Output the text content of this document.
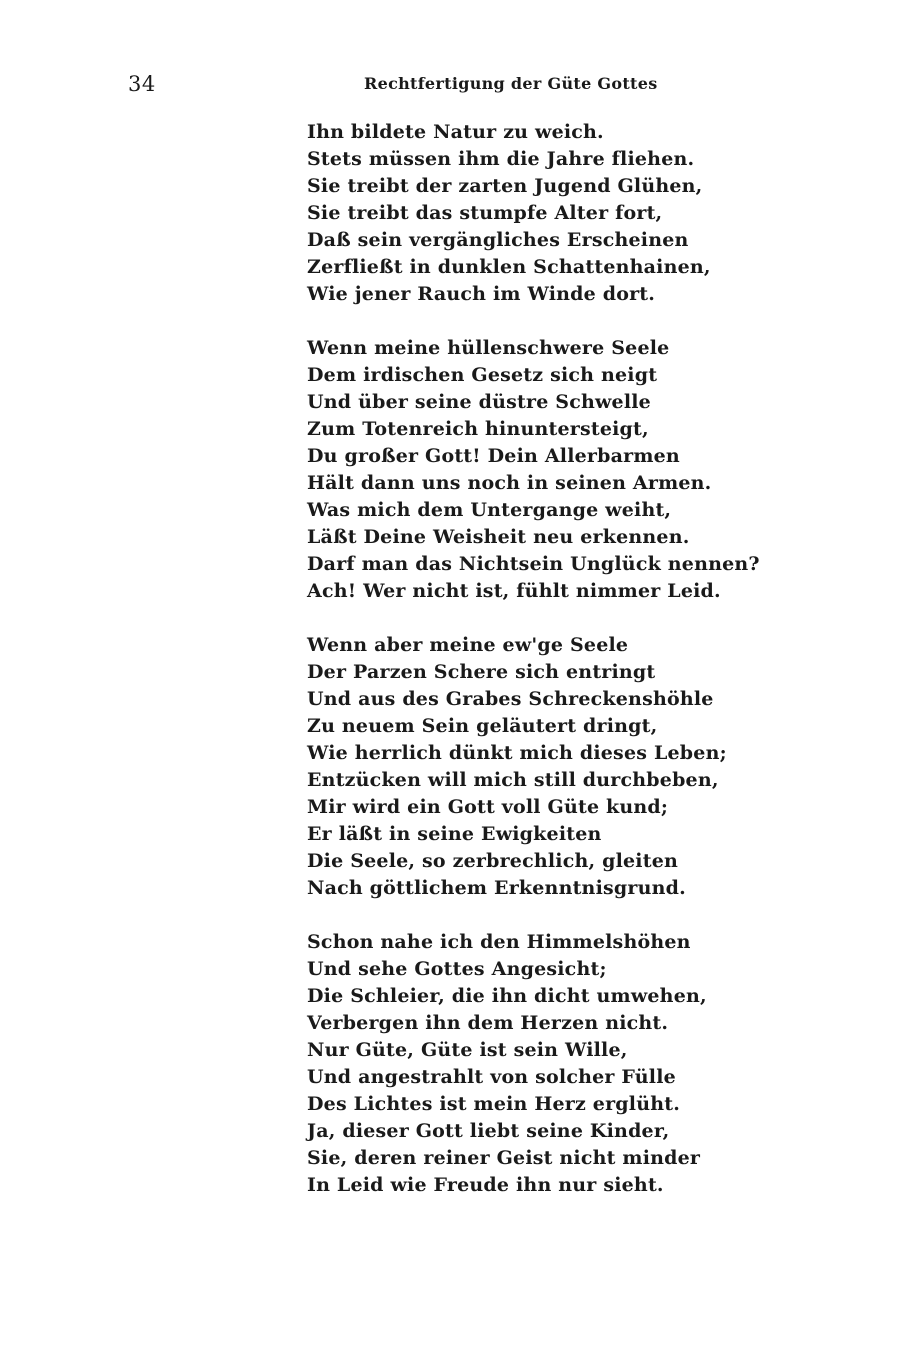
34	Rechtfertigung der Güte Gottes
Ihn bildete Natur zu weich.
Stets müssen ihm die Jahre fliehen.
Sie treibt der zarten Jugend Glühen,
Sie treibt das stumpfe Alter fort,
Daß sein vergängliches Erscheinen
Zerfließt in dunklen Schattenhainen,
Wie jener Rauch im Winde dort.
Wenn meine hüllenschwere Seele
Dem irdischen Gesetz sich neigt
Und über seine düstre Schwelle
Zum Totenreich hinuntersteigt,
Du großer Gott! Dein Allerbarmen
Hält dann uns noch in seinen Armen.
Was mich dem Untergange weiht,
Läßt Deine Weisheit neu erkennen.
Darf man das Nichtsein Unglück nennen?
Ach! Wer nicht ist, fühlt nimmer Leid.
Wenn aber meine ew'ge Seele
Der Parzen Schere sich entringt
Und aus des Grabes Schreckenshöhle
Zu neuem Sein geläutert dringt,
Wie herrlich dünkt mich dieses Leben;
Entzücken will mich still durchbeben,
Mir wird ein Gott voll Güte kund;
Er läßt in seine Ewigkeiten
Die Seele, so zerbrechlich, gleiten
Nach göttlichem Erkenntnisgrund.
Schon nahe ich den Himmelshöhen
Und sehe Gottes Angesicht;
Die Schleier, die ihn dicht umwehen,
Verbergen ihn dem Herzen nicht.
Nur Güte, Güte ist sein Wille,
Und angestrahlt von solcher Fülle
Des Lichtes ist mein Herz erglüht.
Ja, dieser Gott liebt seine Kinder,
Sie, deren reiner Geist nicht minder
In Leid wie Freude ihn nur sieht.
